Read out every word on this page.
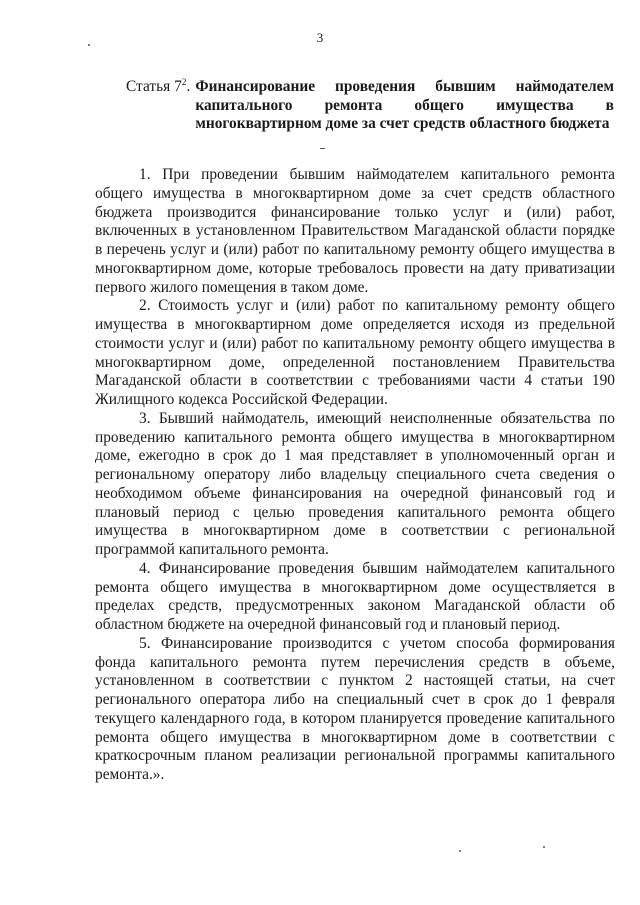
3
Статья $7^2$. Финансирование проведения бывшим наймодателем капитального ремонта общего имущества в многоквартирном доме за счет средств областного бюджета

1. При проведении бывшим наймодателем капитального ремонта общего имущества в многоквартирном доме за счет средств областного бюджета производится финансирование только услуг и (или) работ, включенных в установленном Правительством Магаданской области порядке в перечень услуг и (или) работ по капитальному ремонту общего имущества в многоквартирном доме, которые требовалось провести на дату приватизации первого жилого помещения в таком доме.

2. Стоимость услуг и (или) работ по капитальному ремонту общего имущества в многоквартирном доме определяется исходя из предельной стоимости услуг и (или) работ по капитальному ремонту общего имущества в многоквартирном доме, определенной постановлением Правительства Магаданской области в соответствии с требованиями части 4 статьи 190 Жилищного кодекса Российской Федерации.

3. Бывший наймодатель, имеющий неисполненные обязательства по проведению капитального ремонта общего имущества в многоквартирном доме, ежегодно в срок до 1 мая представляет в уполномоченный орган и региональному оператору либо владельцу специального счета сведения о необходимом объеме финансирования на очередной финансовый год и плановый период с целью проведения капитального ремонта общего имущества в многоквартирном доме в соответствии с региональной программой капитального ремонта.

4. Финансирование проведения бывшим наймодателем капитального ремонта общего имущества в многоквартирном доме осуществляется в пределах средств, предусмотренных законом Магаданской области об областном бюджете на очередной финансовый год и плановый период.

5. Финансирование производится с учетом способа формирования фонда капитального ремонта путем перечисления средств в объеме, установленном в соответствии с пунктом 2 настоящей статьи, на счет регионального оператора либо на специальный счет в срок до 1 февраля текущего календарного года, в котором планируется проведение капитального ремонта общего имущества в многоквартирном доме в соответствии с краткосрочным планом реализации региональной программы капитального ремонта.».
